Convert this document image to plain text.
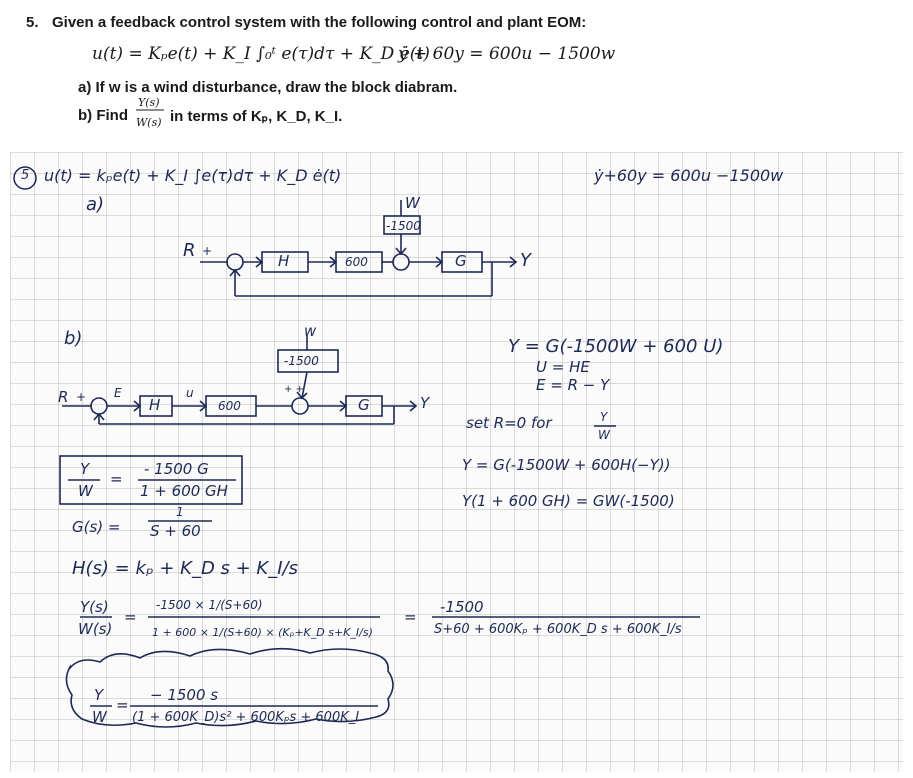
5. Given a feedback control system with the following control and plant EOM:
u(t) = Kₚe(t) + K_I ∫₀ᵗ e(τ)dτ + K_D ė(t)
ẏ + 60y = 600u − 1500w
a) If w is a wind disturbance, draw the block diabram.
b) Find
Y(s)
W(s) in terms of Kₚ, K_D, K_I.
5 u(t) = kₚe(t) + K_I ∫e(τ)dτ + K_D ė(t)	ẏ+60y = 600u −1500w
a)
R +
H	600
W
-1500
G	Y
b)
R + E
H
u
600
w
-1500
+ +
G	Y
Y = G(-1500W + 600 U)
U = HE
E = R − Y
set R=0 for	Y
W
Y = G(-1500W + 600H(−Y))
Y(1 + 600 GH) = GW(-1500)
Y
W
=
- 1500 G
1 + 600 GH
G(s) =
1
S + 60
H(s) = kₚ + K_D s + K_I/s
Y(s)
W(s)
=
-1500 × 1/(S+60)
1 + 600 × 1/(S+60) × (Kₚ+K_D s+K_I/s)
=
-1500
S+60 + 600Kₚ + 600K_D s + 600K_I/s
Y
W
=
− 1500 s
(1 + 600K_D)s² + 600Kₚs + 600K_I
